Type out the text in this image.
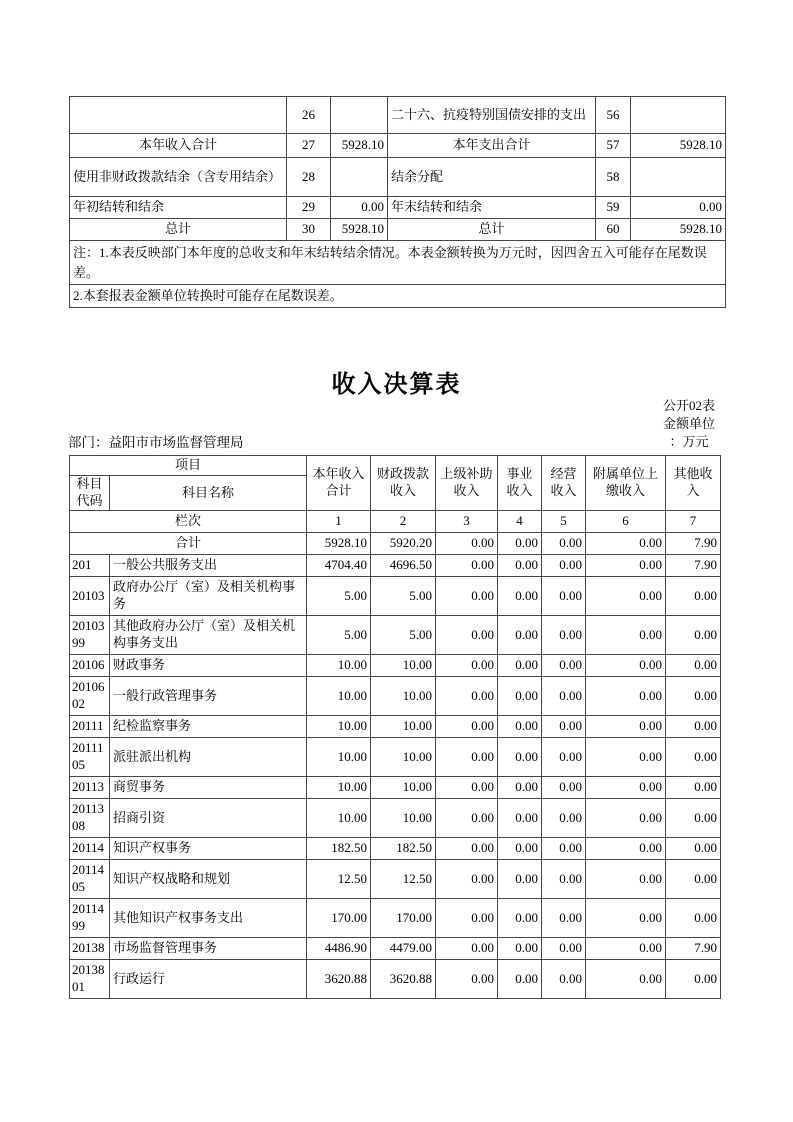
	26		二十六、抗疫特别国债安排的支出	56	
本年收入合计	27	5928.10	本年支出合计	57	5928.10
使用非财政拨款结余（含专用结余）	28		结余分配	58	
年初结转和结余	29	0.00	年末结转和结余	59	0.00
总计	30	5928.10	总计	60	5928.10
注：1.本表反映部门本年度的总收支和年末结转结余情况。本表金额转换为万元时，因四舍五入可能存在尾数误差。					
2.本套报表金额单位转换时可能存在尾数误差。					
收入决算表
公开02表
金额单位
：万元
部门：益阳市市场监督管理局
项目		本年收入合计	财政拨款收入	上级补助收入	事业收入	经营收入	附属单位上缴收入	其他收入
科目代码	科目名称							
栏次		1	2	3	4	5	6	7
合计		5928.10	5920.20	0.00	0.00	0.00	0.00	7.90
201	一般公共服务支出	4704.40	4696.50	0.00	0.00	0.00	0.00	7.90
20103	政府办公厅（室）及相关机构事务	5.00	5.00	0.00	0.00	0.00	0.00	0.00
2010399	其他政府办公厅（室）及相关机构事务支出	5.00	5.00	0.00	0.00	0.00	0.00	0.00
20106	财政事务	10.00	10.00	0.00	0.00	0.00	0.00	0.00
2010602	一般行政管理事务	10.00	10.00	0.00	0.00	0.00	0.00	0.00
20111	纪检监察事务	10.00	10.00	0.00	0.00	0.00	0.00	0.00
2011105	派驻派出机构	10.00	10.00	0.00	0.00	0.00	0.00	0.00
20113	商贸事务	10.00	10.00	0.00	0.00	0.00	0.00	0.00
2011308	招商引资	10.00	10.00	0.00	0.00	0.00	0.00	0.00
20114	知识产权事务	182.50	182.50	0.00	0.00	0.00	0.00	0.00
2011405	知识产权战略和规划	12.50	12.50	0.00	0.00	0.00	0.00	0.00
2011499	其他知识产权事务支出	170.00	170.00	0.00	0.00	0.00	0.00	0.00
20138	市场监督管理事务	4486.90	4479.00	0.00	0.00	0.00	0.00	7.90
2013801	行政运行	3620.88	3620.88	0.00	0.00	0.00	0.00	0.00
